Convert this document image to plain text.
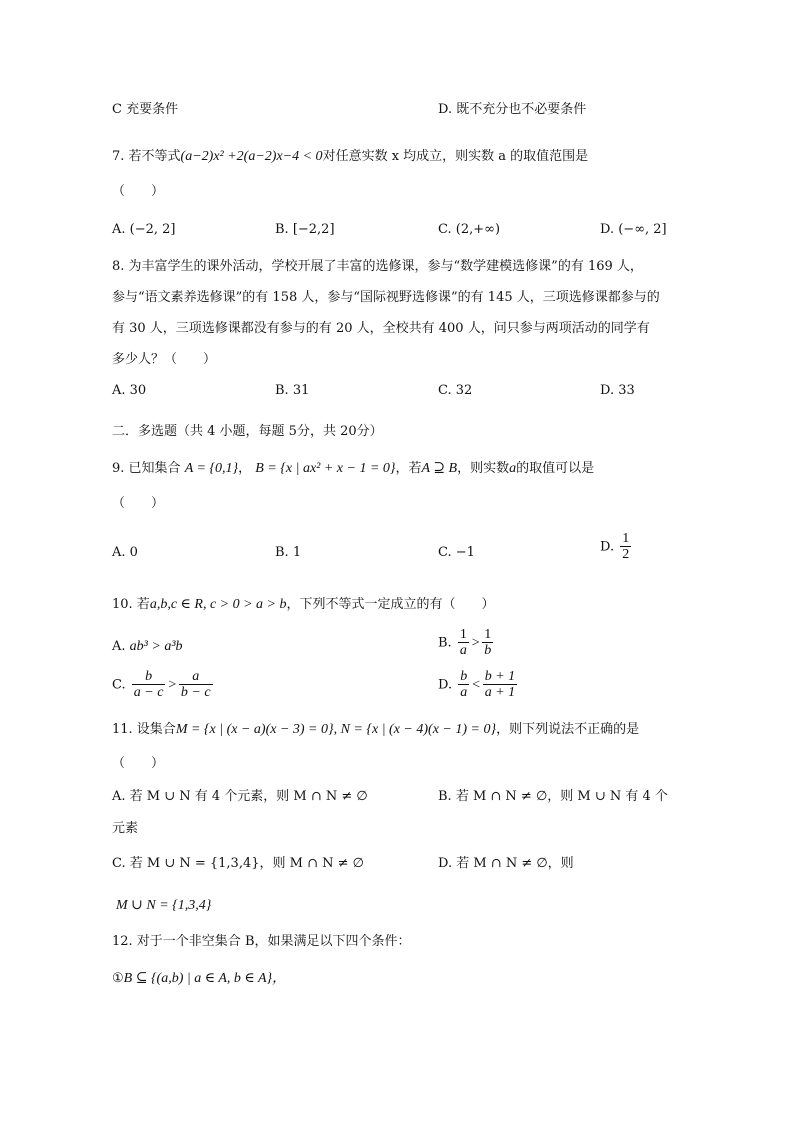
C 充要条件	D. 既不充分也不必要条件
7. 若不等式(a−2)x² +2(a−2)x−4 < 0对任意实数 x 均成立，则实数 a 的取值范围是
（　　）
A. (−2, 2]	B. [−2,2]	C. (2,+∞)	D. (−∞, 2]
8. 为丰富学生的课外活动，学校开展了丰富的选修课，参与“数学建模选修课”的有 169 人，
参与“语文素养选修课”的有 158 人，参与“国际视野选修课”的有 145 人，三项选修课都参与的
有 30 人，三项选修课都没有参与的有 20 人，全校共有 400 人，问只参与两项活动的同学有
多少人？（　　）
A. 30	B. 31	C. 32	D. 33
二．多选题（共 4 小题，每题 5分，共 20分）
9. 已知集合 A = {0,1}， B = {x | ax² + x − 1 = 0}，若A ⊇ B，则实数a的取值可以是
（　　）
A. 0	B. 1	C. −1	D. $\frac{1}{2}$
10. 若a,b,c ∈ R, c > 0 > a > b，下列不等式一定成立的有（　　）
A. ab³ > a³b	B. $\frac{1}{a} > \frac{1}{b}$
C. $\frac{b}{a - c} > \frac{a}{b - c}$	D. $\frac{b}{a} < \frac{b + 1}{a + 1}$
11. 设集合M = {x | (x − a)(x − 3) = 0}, N = {x | (x − 4)(x − 1) = 0}，则下列说法不正确的是
（　　）
A. 若 M ∪ N 有 4 个元素，则 M ∩ N ≠ ∅	B. 若 M ∩ N ≠ ∅，则 M ∪ N 有 4 个
元素
C. 若 M ∪ N = {1,3,4}，则 M ∩ N ≠ ∅	D. 若 M ∩ N ≠ ∅，则
M ∪ N = {1,3,4}
12. 对于一个非空集合 B，如果满足以下四个条件：
①B ⊆ {(a,b) | a ∈ A, b ∈ A}，
